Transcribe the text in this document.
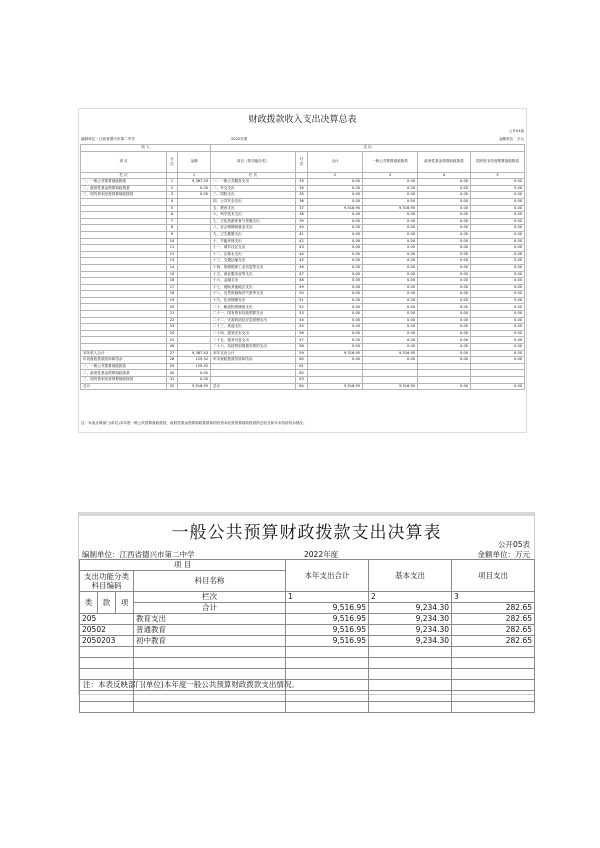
财政拨款收入支出决算总表
公开04表
编制单位：江西省德兴市第二中学	2022年度	金额单位：万元
收 入			支 出					
项 目	行次	金额	项目（按功能分类）	行次	合计	一般公共预算财政拨款	政府性基金预算财政拨款	国有资本经营预算财政拨款
栏 次		1	栏 次		2	3	4	5
一、一般公共预算财政拨款	1	9,387.43	一、一般公共服务支出	33	0.00	0.00	0.00	0.00
二、政府性基金预算财政拨款	2	0.00	二、外交支出	34	0.00	0.00	0.00	0.00
三、国有资本经营预算财政拨款	3	0.00	三、国防支出	35	0.00	0.00	0.00	0.00
	4		四、公共安全支出	36	0.00	0.00	0.00	0.00
	5		五、教育支出	37	9,516.95	9,516.95	0.00	0.00
	6		六、科学技术支出	38	0.00	0.00	0.00	0.00
	7		七、文化旅游体育与传媒支出	39	0.00	0.00	0.00	0.00
	8		八、社会保障和就业支出	40	0.00	0.00	0.00	0.00
	9		九、卫生健康支出	41	0.00	0.00	0.00	0.00
	10		十、节能环保支出	42	0.00	0.00	0.00	0.00
	11		十一、城乡社区支出	43	0.00	0.00	0.00	0.00
	12		十二、农林水支出	44	0.00	0.00	0.00	0.00
	13		十三、交通运输支出	45	0.00	0.00	0.00	0.00
	14		十四、资源勘探工业信息等支出	46	0.00	0.00	0.00	0.00
	15		十五、商业服务业等支出	47	0.00	0.00	0.00	0.00
	16		十六、金融支出	48	0.00	0.00	0.00	0.00
	17		十七、援助其他地区支出	49	0.00	0.00	0.00	0.00
	18		十八、自然资源海洋气象等支出	50	0.00	0.00	0.00	0.00
	19		十九、住房保障支出	51	0.00	0.00	0.00	0.00
	20		二十、粮油物资储备支出	52	0.00	0.00	0.00	0.00
	21		二十一、国有资本经营预算支出	53	0.00	0.00	0.00	0.00
	22		二十二、灾害防治及应急管理支出	54	0.00	0.00	0.00	0.00
	23		二十三、其他支出	55	0.00	0.00	0.00	0.00
	24		二十四、债务还本支出	56	0.00	0.00	0.00	0.00
	25		二十五、债务付息支出	57	0.00	0.00	0.00	0.00
	26		二十六、抗疫特别国债安排的支出	58	0.00	0.00	0.00	0.00
本年收入合计	27	9,387.43	本年支出合计	59	9,516.95	9,516.95	0.00	0.00
年初财政拨款结转和结余	28	129.52	年末财政拨款结转和结余	60	0.00	0.00	0.00	0.00
一、一般公共预算财政拨款	29	129.52		61				
二、政府性基金预算财政拨款	30	0.00		62				
三、国有资本经营预算财政拨款	31	0.00		63				
总计	32	9,516.95	总计	64	9,516.95	9,516.95	0.00	0.00
注：本表反映部门(单位)本年度一般公共预算财政拨款、政府性基金预算财政拨款和国有资本经营预算财政拨款的总收支和年末结转结余情况。
一般公共预算财政拨款支出决算表
公开05表
编制单位：江西省德兴市第二中学	2022年度	金额单位：万元
项 目				本年支出合计	基本支出	项目支出
支出功能分类科目编码			科目名称			

类	款	项	栏次	1	2	3
			合计	9,516.95	9,234.30	282.65
205			教育支出	9,516.95	9,234.30	282.65
20502			普通教育	9,516.95	9,234.30	282.65
2050203			初中教育	9,516.95	9,234.30	282.65

注：本表反映部门(单位)本年度一般公共预算财政拨款支出情况。
